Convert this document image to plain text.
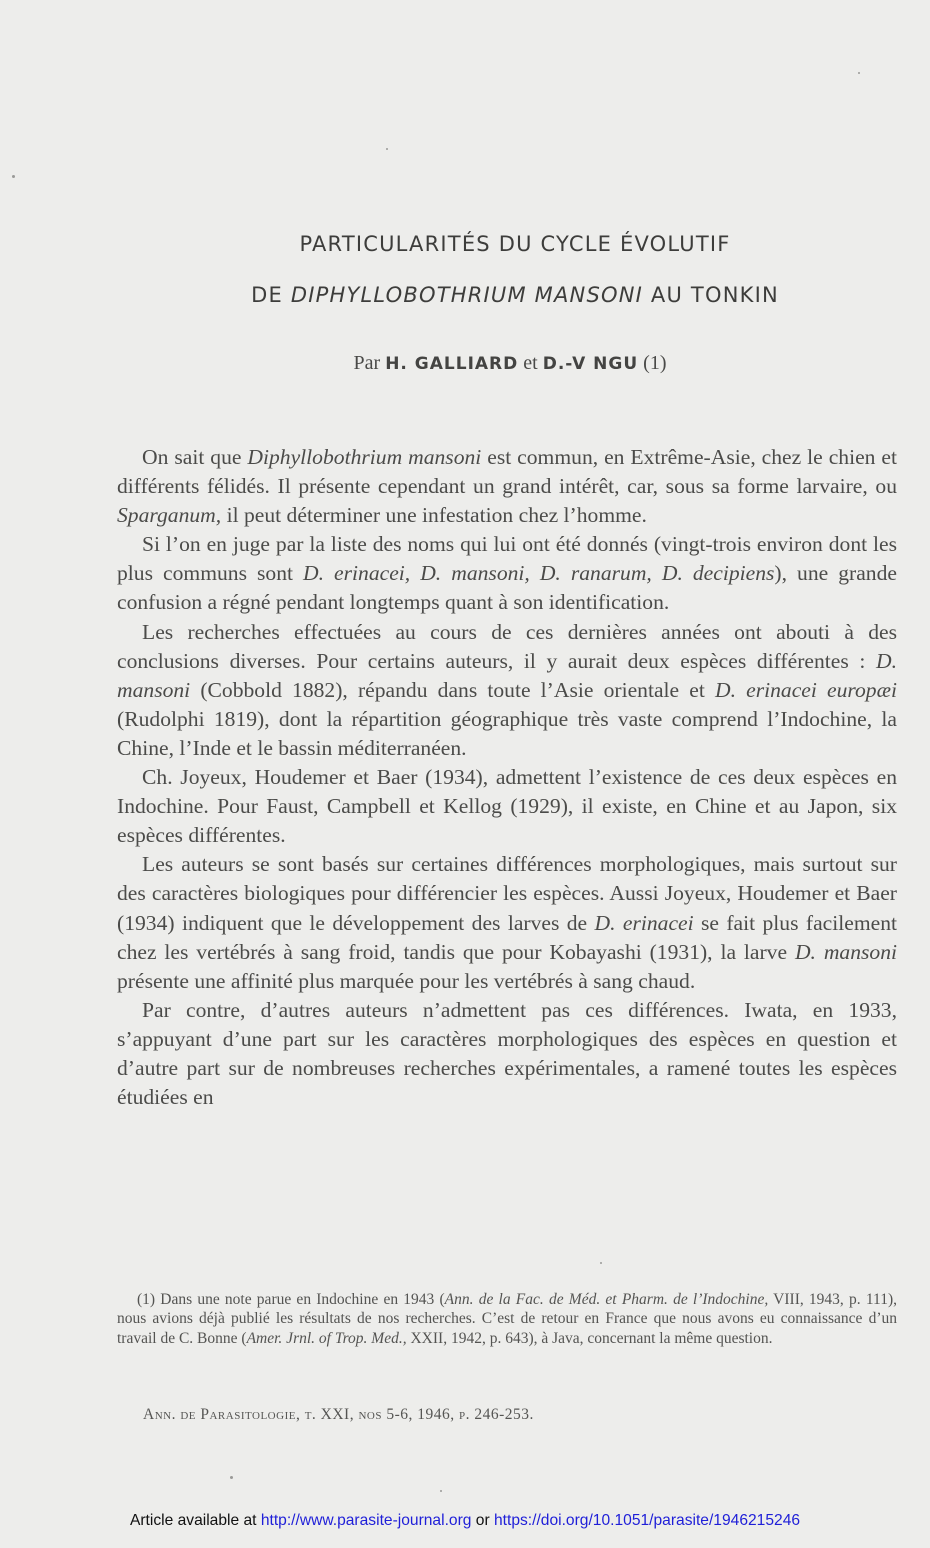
PARTICULARITÉS DU CYCLE ÉVOLUTIF
DE DIPHYLLOBOTHRIUM MANSONI AU TONKIN
Par H. GALLIARD et D.-V NGU (1)

On sait que Diphyllobothrium mansoni est commun, en Extrême-Asie, chez le chien et différents félidés. Il présente cependant un grand intérêt, car, sous sa forme larvaire, ou Sparganum, il peut déterminer une infestation chez l’homme.

Si l’on en juge par la liste des noms qui lui ont été donnés (vingt-trois environ dont les plus communs sont D. erinacei, D. mansoni, D. ranarum, D. decipiens), une grande confusion a régné pendant longtemps quant à son identification.

Les recherches effectuées au cours de ces dernières années ont abouti à des conclusions diverses. Pour certains auteurs, il y aurait deux espèces différentes : D. mansoni (Cobbold 1882), répandu dans toute l’Asie orientale et D. erinacei europæi (Rudolphi 1819), dont la répartition géographique très vaste comprend l’Indochine, la Chine, l’Inde et le bassin méditerranéen.

Ch. Joyeux, Houdemer et Baer (1934), admettent l’existence de ces deux espèces en Indochine. Pour Faust, Campbell et Kellog (1929), il existe, en Chine et au Japon, six espèces différentes.

Les auteurs se sont basés sur certaines différences morphologiques, mais surtout sur des caractères biologiques pour différencier les espèces. Aussi Joyeux, Houdemer et Baer (1934) indiquent que le développement des larves de D. erinacei se fait plus facilement chez les vertébrés à sang froid, tandis que pour Kobayashi (1931), la larve D. mansoni présente une affinité plus marquée pour les vertébrés à sang chaud.

Par contre, d’autres auteurs n’admettent pas ces différences. Iwata, en 1933, s’appuyant d’une part sur les caractères morphologiques des espèces en question et d’autre part sur de nombreuses recherches expérimentales, a ramené toutes les espèces étudiées en

(1) Dans une note parue en Indochine en 1943 (Ann. de la Fac. de Méd. et Pharm. de l’Indochine, VIII, 1943, p. 111), nous avions déjà publié les résultats de nos recherches. C’est de retour en France que nous avons eu connaissance d’un travail de C. Bonne (Amer. Jrnl. of Trop. Med., XXII, 1942, p. 643), à Java, concernant la même question.

Ann. de Parasitologie, t. XXI, nos 5-6, 1946, p. 246-253.
Article available at http://www.parasite-journal.org or https://doi.org/10.1051/parasite/1946215246
